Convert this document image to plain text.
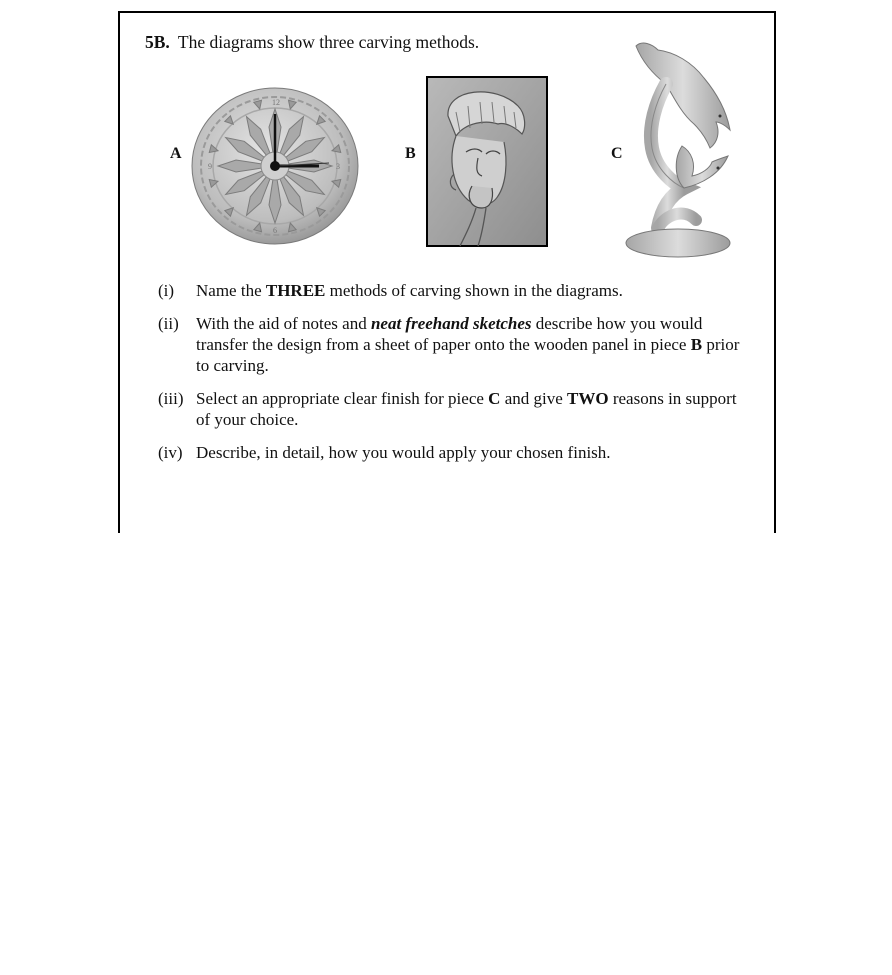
5B. The diagrams show three carving methods.
A	B	C
12
3
6
9
(i)	Name the THREE methods of carving shown in the diagrams.
(ii)	With the aid of notes and neat freehand sketches describe how you would transfer the design from a sheet of paper onto the wooden panel in piece B prior to carving.
(iii) Select an appropriate clear finish for piece C and give TWO reasons in support of your choice.
(iv) Describe, in detail, how you would apply your chosen finish.
